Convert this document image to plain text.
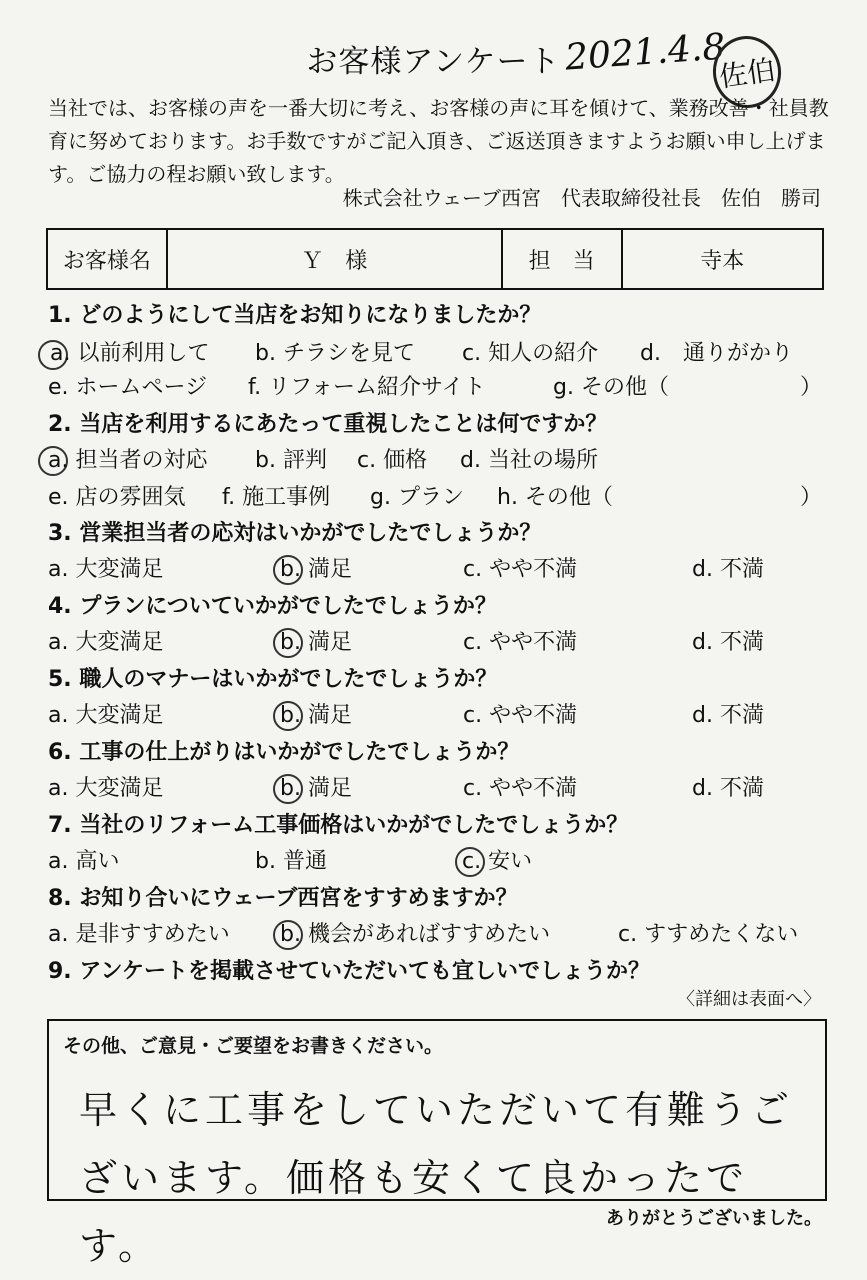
お客様アンケート 2021.4.8
佐伯
当社では、お客様の声を一番大切に考え、お客様の声に耳を傾けて、業務改善・社員教育に努めております。お手数ですがご記入頂き、ご返送頂きますようお願い申し上げます。ご協力の程お願い致します。
株式会社ウェーブ西宮　代表取締役社長　佐伯　勝司
お客様名	Ｙ　様	担　当	寺本
1. どのようにして当店をお知りになりましたか？
a. 以前利用して b. チラシを見て c. 知人の紹介 d.　通りがかり
e. ホームページ f. リフォーム紹介サイト	g. その他（	）
2. 当店を利用するにあたって重視したことは何ですか？
a. 担当者の対応 b. 評判 c. 価格 d. 当社の場所
e. 店の雰囲気 f. 施工事例 g. プラン h. その他（	）
3. 営業担当者の応対はいかがでしたでしょうか？
a. 大変満足	b. 満足	c. やや不満	d. 不満
4. プランについていかがでしたでしょうか？
a. 大変満足	b. 満足	c. やや不満	d. 不満
5. 職人のマナーはいかがでしたでしょうか？
a. 大変満足	b. 満足	c. やや不満	d. 不満
6. 工事の仕上がりはいかがでしたでしょうか？
a. 大変満足	b. 満足	c. やや不満	d. 不満
7. 当社のリフォーム工事価格はいかがでしたでしょうか？
a. 高い	b. 普通	c. 安い
8. お知り合いにウェーブ西宮をすすめますか？
a. 是非すすめたい b. 機会があればすすめたい	c. すすめたくない
9. アンケートを掲載させていただいても宜しいでしょうか？
〈詳細は表面へ〉
その他、ご意見・ご要望をお書きください。
早くに工事をしていただいて有難うございます。価格も安くて良かったです。
ありがとうございました。
